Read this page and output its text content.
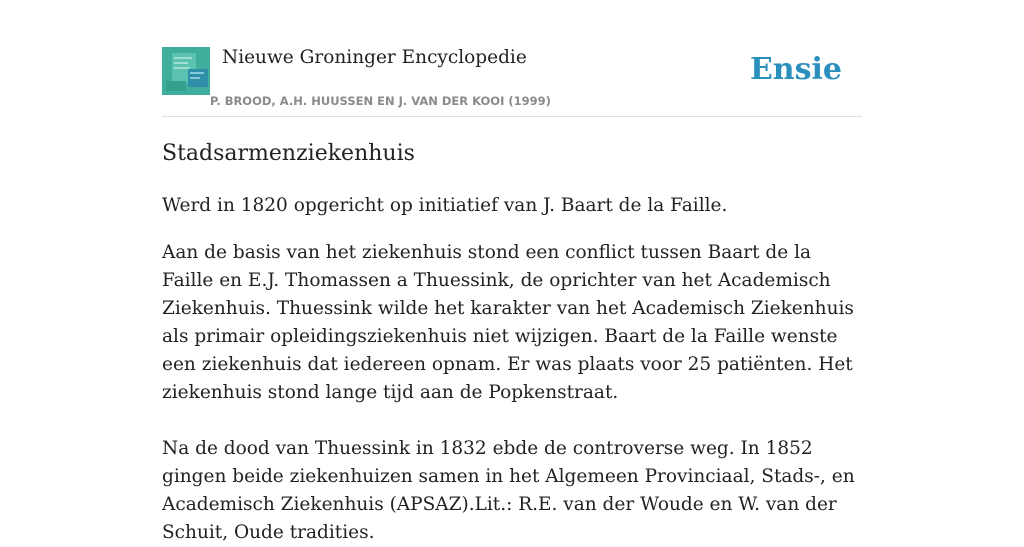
Nieuwe Groninger Encyclopedie
P. BROOD, A.H. HUUSSEN EN J. VAN DER KOOI (1999)
Ensie
Stadsarmenziekenhuis

Werd in 1820 opgericht op initiatief van J. Baart de la Faille.

Aan de basis van het ziekenhuis stond een conflict tussen Baart de la Faille en E.J. Thomassen a Thuessink, de oprichter van het Academisch Ziekenhuis. Thuessink wilde het karakter van het Academisch Ziekenhuis als primair opleidingsziekenhuis niet wijzigen. Baart de la Faille wenste een ziekenhuis dat iedereen opnam. Er was plaats voor 25 patiënten. Het ziekenhuis stond lange tijd aan de Popkenstraat.

Na de dood van Thuessink in 1832 ebde de controverse weg. In 1852 gingen beide ziekenhuizen samen in het Algemeen Provinciaal, Stads-, en Academisch Ziekenhuis (APSAZ).Lit.: R.E. van der Woude en W. van der Schuit, Oude tradities.
